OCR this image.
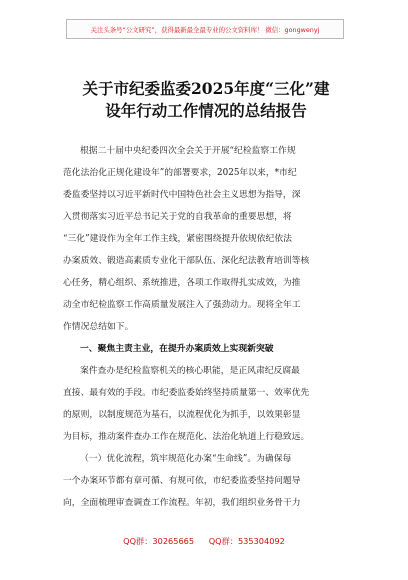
关注头条号“公文研究”，获得最新最全最专业的公文资料库！ 微信：gongwenyj
关于市纪委监委2025年度“三化”建
设年行动工作情况的总结报告
根据二十届中央纪委四次全会关于开展“纪检监察工作规
范化法治化正规化建设年”的部署要求，2025年以来，*市纪
委监委坚持以习近平新时代中国特色社会主义思想为指导，深
入贯彻落实习近平总书记关于党的自我革命的重要思想，将
“三化”建设作为全年工作主线，紧密围绕提升依规依纪依法
办案质效、锻造高素质专业化干部队伍、深化纪法教育培训等核
心任务，精心组织、系统推进，各项工作取得扎实成效，为推
动全市纪检监察工作高质量发展注入了强劲动力。现将全年工
作情况总结如下。
一、聚焦主责主业，在提升办案质效上实现新突破
案件查办是纪检监察机关的核心职能，是正风肃纪反腐最
直接、最有效的手段。市纪委监委始终坚持质量第一、效率优先
的原则，以制度规范为基石，以流程优化为抓手，以效果彰显
为目标，推动案件查办工作在规范化、法治化轨道上行稳致远。
（一）优化流程，筑牢规范化办案“生命线”。为确保每
一个办案环节都有章可循、有规可依，市纪委监委坚持问题导
向，全面梳理审查调查工作流程。年初，我们组织业务骨干力
QQ群：30265665 QQ群：535304092
